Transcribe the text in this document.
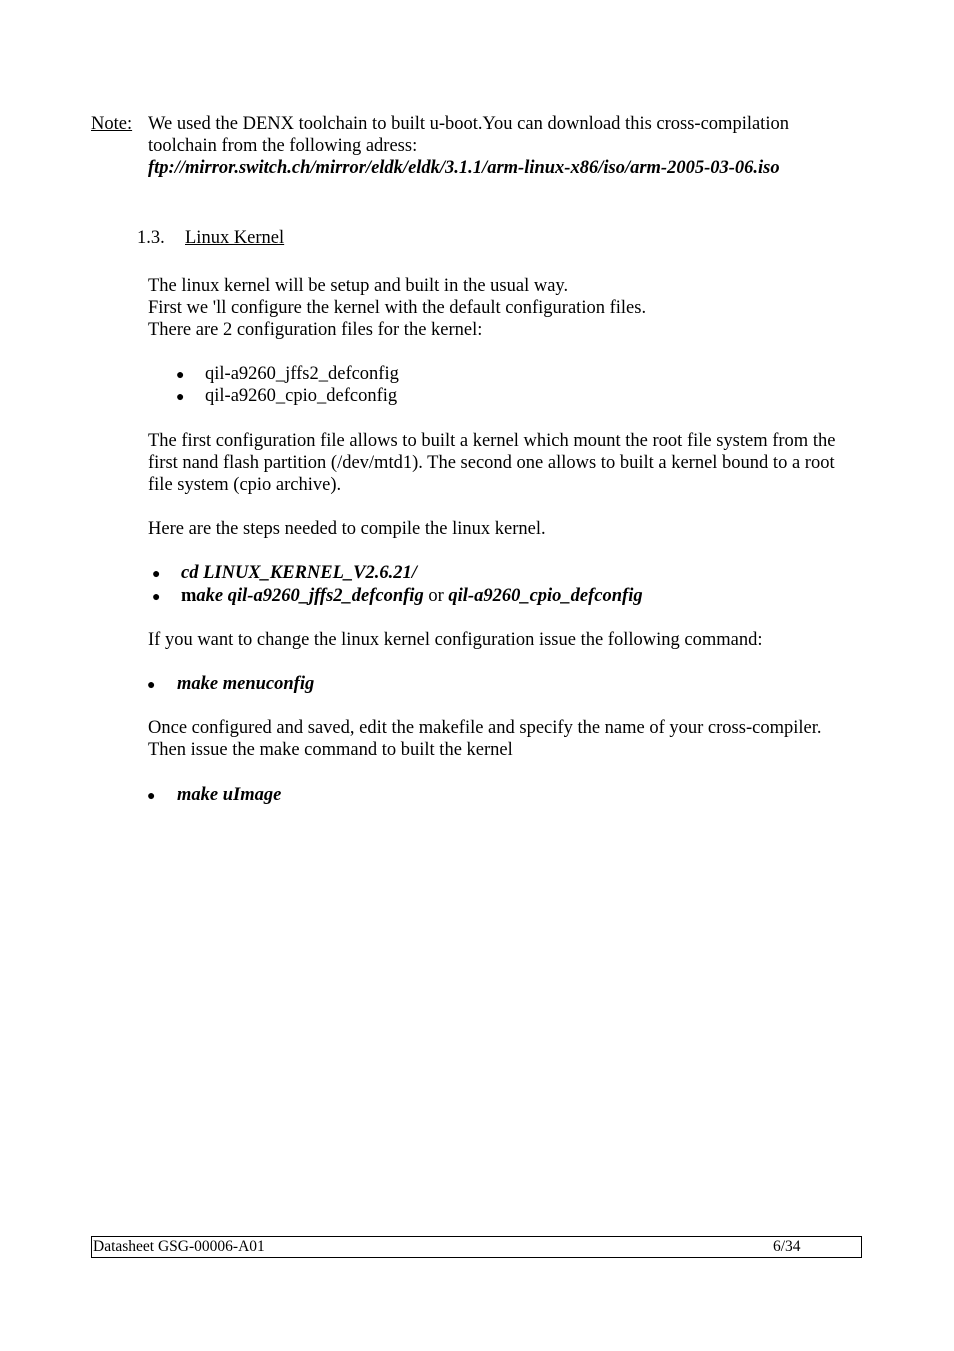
Note: We used the DENX toolchain to built u-boot.You can download this cross-compilation
toolchain from the following adress:
ftp://mirror.switch.ch/mirror/eldk/eldk/3.1.1/arm-linux-x86/iso/arm-2005-03-06.iso
1.3. Linux Kernel
The linux kernel will be setup and built in the usual way.
First we 'll configure the kernel with the default configuration files.
There are 2 configuration files for the kernel:
● qil-a9260_jffs2_defconfig
● qil-a9260_cpio_defconfig
The first configuration file allows to built a kernel which mount the root file system from the
first nand flash partition (/dev/mtd1). The second one allows to built a kernel bound to a root
file system (cpio archive).
Here are the steps needed to compile the linux kernel.
● cd LINUX_KERNEL_V2.6.21/
● make qil-a9260_jffs2_defconfig or qil-a9260_cpio_defconfig
If you want to change the linux kernel configuration issue the following command:
● make menuconfig
Once configured and saved, edit the makefile and specify the name of your cross-compiler.
Then issue the make command to built the kernel
● make uImage
Datasheet GSG-00006-A01	6/34
